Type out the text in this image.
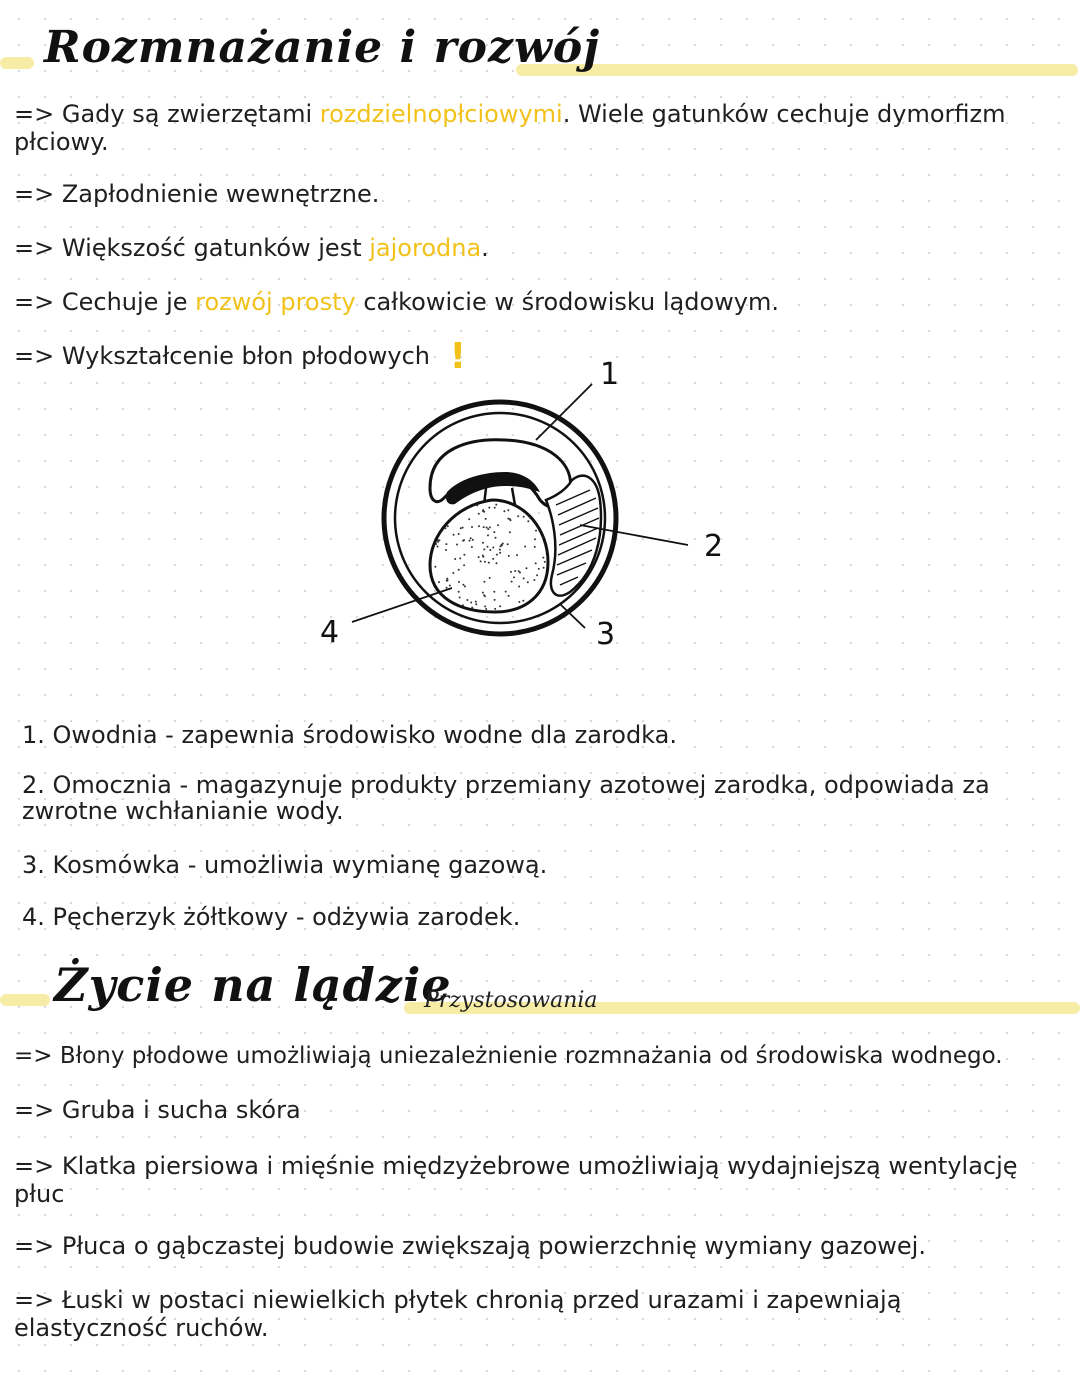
Rozmnażanie i rozwój
=> Gady są zwierzętami rozdzielnopłciowymi. Wiele gatunków cechuje dymorfizm płciowy.
=> Zapłodnienie wewnętrzne.
=> Większość gatunków jest jajorodna.
=> Cechuje je rozwój prosty całkowicie w środowisku lądowym.
=> Wykształcenie błon płodowych !	1
2
3
4
1. Owodnia - zapewnia środowisko wodne dla zarodka.
2. Omocznia - magazynuje produkty przemiany azotowej zarodka, odpowiada za zwrotne wchłanianie wody.
3. Kosmówka - umożliwia wymianę gazową.
4. Pęcherzyk żółtkowy - odżywia zarodek.
Życie na lądzie
Przystosowania
=> Błony płodowe umożliwiają uniezależnienie rozmnażania od środowiska wodnego.
=> Gruba i sucha skóra
=> Klatka piersiowa i mięśnie międzyżebrowe umożliwiają wydajniejszą wentylację płuc
=> Płuca o gąbczastej budowie zwiększają powierzchnię wymiany gazowej.
=> Łuski w postaci niewielkich płytek chronią przed urazami i zapewniają elastyczność ruchów.
